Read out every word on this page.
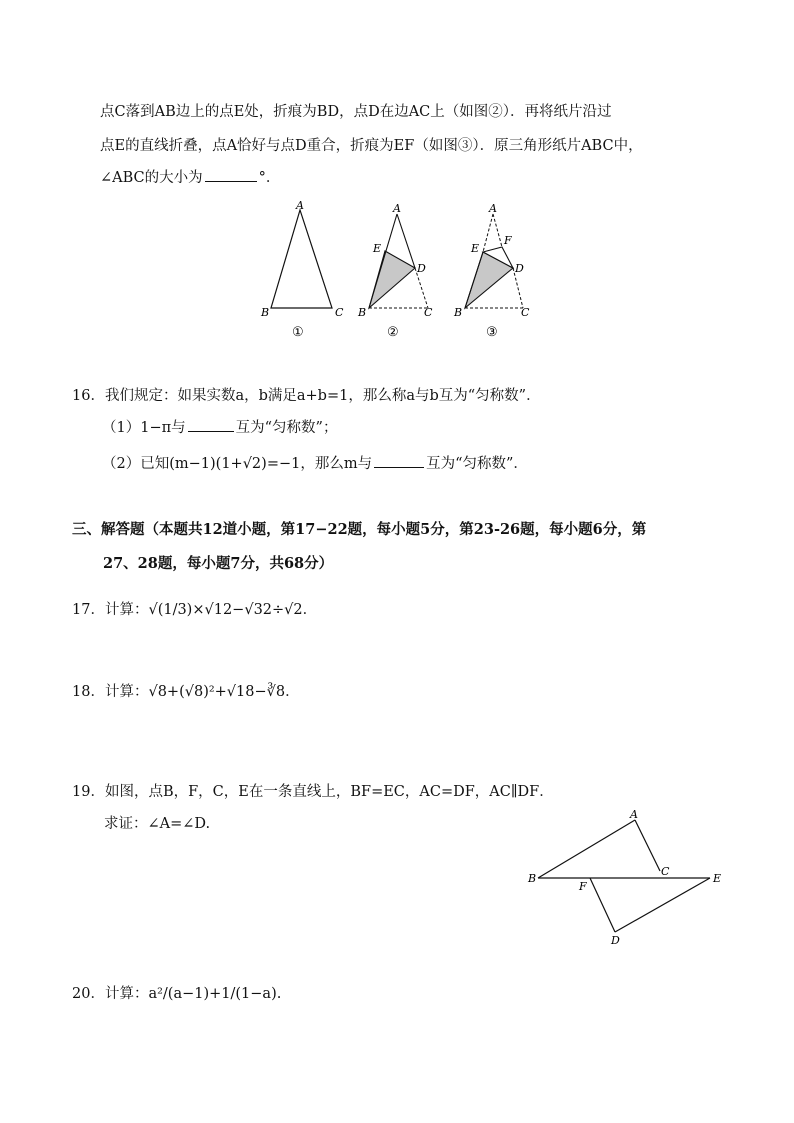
点C落到AB边上的点E处，折痕为BD，点D在边AC上（如图②）．再将纸片沿过
点E的直线折叠，点A恰好与点D重合，折痕为EF（如图③）．原三角形纸片ABC中，
∠ABC的大小为	°．
A
B	C
①
A
E
D
B	C
②
A
F
E
D
B	C
③
16．我们规定：如果实数a，b满足a+b=1，那么称a与b互为“匀称数”．
（1）1−π与	互为“匀称数”；
（2）已知(m−1)(1+√2)=−1，那么m与	互为“匀称数”．
三、解答题（本题共12道小题，第17−22题，每小题5分，第23-26题，每小题6分，第
27、28题，每小题7分，共68分）
17．计算：√(1/3)×√12−√32÷√2．
18．计算：√8+(√8)²+√18−∛8．
19．如图，点B，F，C，E在一条直线上，BF=EC，AC=DF，AC∥DF．
求证：∠A=∠D.
A
B
F
C
E
D
20．计算：a²/(a−1)+1/(1−a).
